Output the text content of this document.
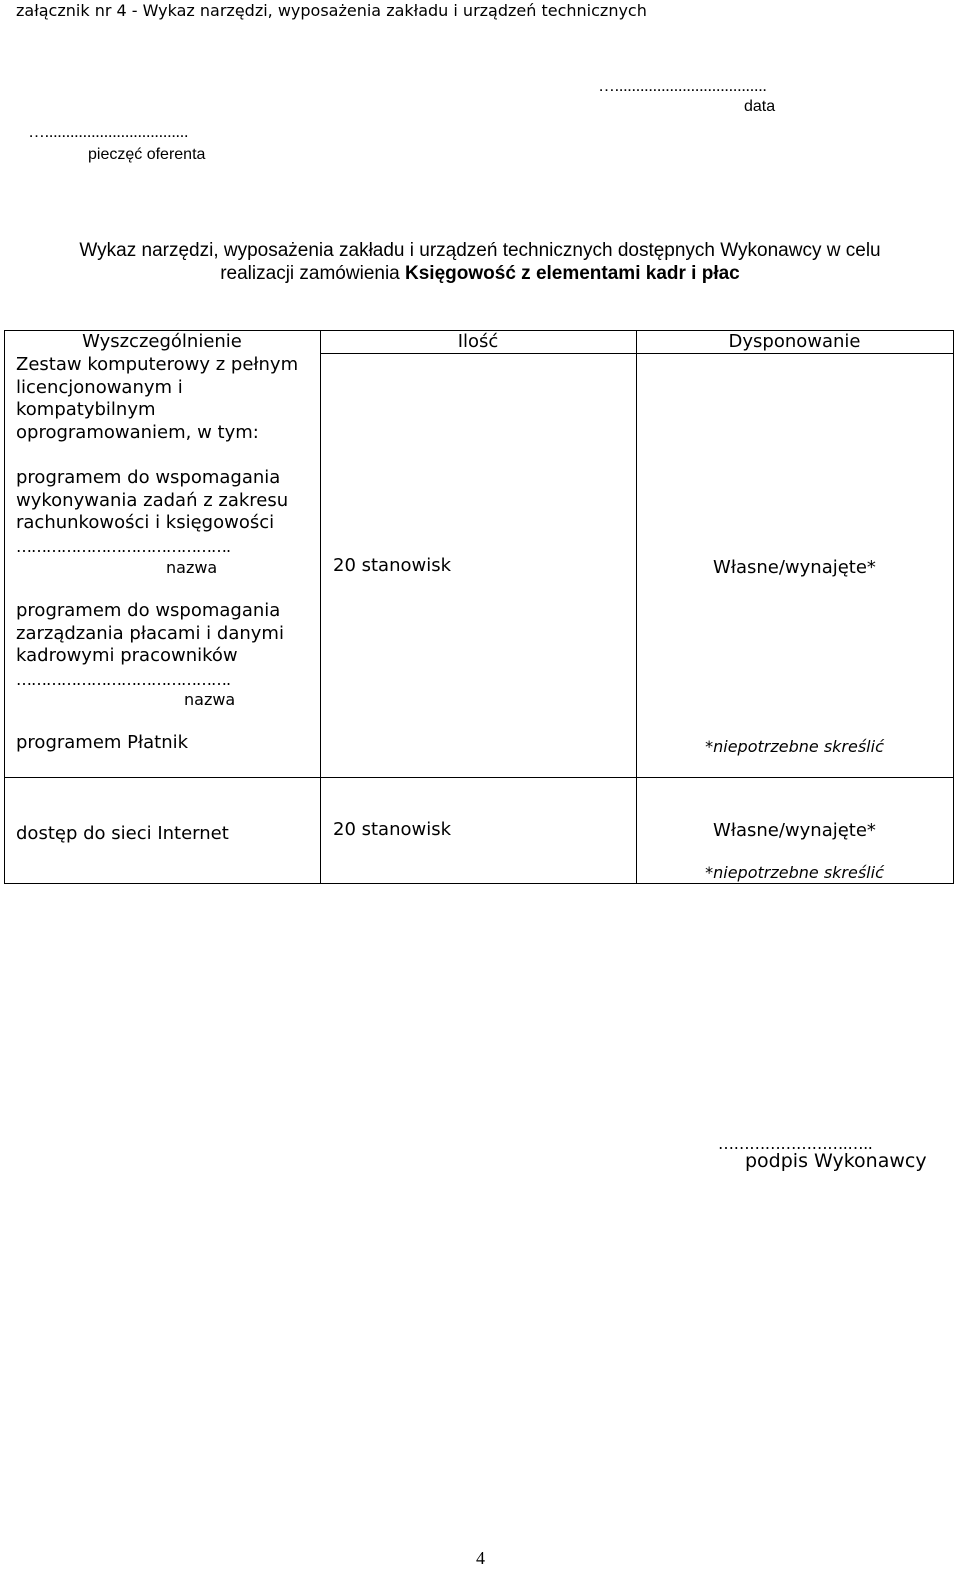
załącznik nr 4 - Wykaz narzędzi, wyposażenia zakładu i urządzeń technicznych
…....................................
data
…..................................
pieczęć oferenta
Wykaz narzędzi, wyposażenia zakładu i urządzeń technicznych dostępnych Wykonawcy w celu
realizacji zamówienia Księgowość z elementami kadr i płac
Wyszczególnienie	Ilość	Dysponowanie
Zestaw komputerowy z pełnym
licencjonowanym i
kompatybilnym
oprogramowaniem, w tym:
programem do wspomagania
wykonywania zadań z zakresu
rachunkowości i księgowości
…………………………………….
nazwa
programem do wspomagania
zarządzania płacami i danymi
kadrowymi pracowników
…………………………………….
nazwa
programem Płatnik
20 stanowisk	Własne/wynajęte*
*niepotrzebne skreślić
dostęp do sieci Internet	20 stanowisk	Własne/wynajęte*
*niepotrzebne skreślić
…………………….…..
podpis Wykonawcy
4
